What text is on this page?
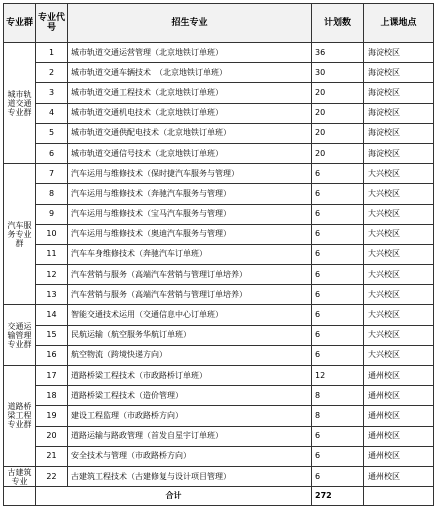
专业群	专业代号	招生专业	计划数	上课地点
城市轨道交通专业群	1	城市轨道交通运营管理（北京地铁订单班）	36	海淀校区
	2	城市轨道交通车辆技术　（北京地铁订单班）	30	海淀校区
	3	城市轨道交通工程技术（北京地铁订单班）	20	海淀校区
	4	城市轨道交通机电技术（北京地铁订单班）	20	海淀校区
	5	城市轨道交通供配电技术（北京地铁订单班）	20	海淀校区
	6	城市轨道交通信号技术（北京地铁订单班）	20	海淀校区
汽车服务专业群	7	汽车运用与维修技术（保时捷汽车服务与管理）	6	大兴校区
	8	汽车运用与维修技术（奔驰汽车服务与管理）	6	大兴校区
	9	汽车运用与维修技术（宝马汽车服务与管理）	6	大兴校区
	10	汽车运用与维修技术（奥迪汽车服务与管理）	6	大兴校区
	11	汽车车身维修技术（奔驰汽车订单班）	6	大兴校区
	12	汽车营销与服务（高端汽车营销与管理订单培养）	6	大兴校区
	13	汽车营销与服务（高端汽车营销与管理订单培养）	6	大兴校区
交通运输管理专业群	14	智能交通技术运用（交通信息中心订单班）	6	大兴校区
	15	民航运输（航空服务华航订单班）	6	大兴校区
	16	航空物流（跨境快递方向）	6	大兴校区
道路桥梁工程专业群	17	道路桥梁工程技术（市政路桥订单班）	12	通州校区
	18	道路桥梁工程技术（造价管理）	8	通州校区
	19	建设工程监理（市政路桥方向）	8	通州校区
	20	道路运输与路政管理（首发自星宇订单班）	6	通州校区
	21	安全技术与管理（市政路桥方向）	6	通州校区
古建筑专业	22	古建筑工程技术（古建修复与设计项目管理）	6	通州校区
	合计		272	
